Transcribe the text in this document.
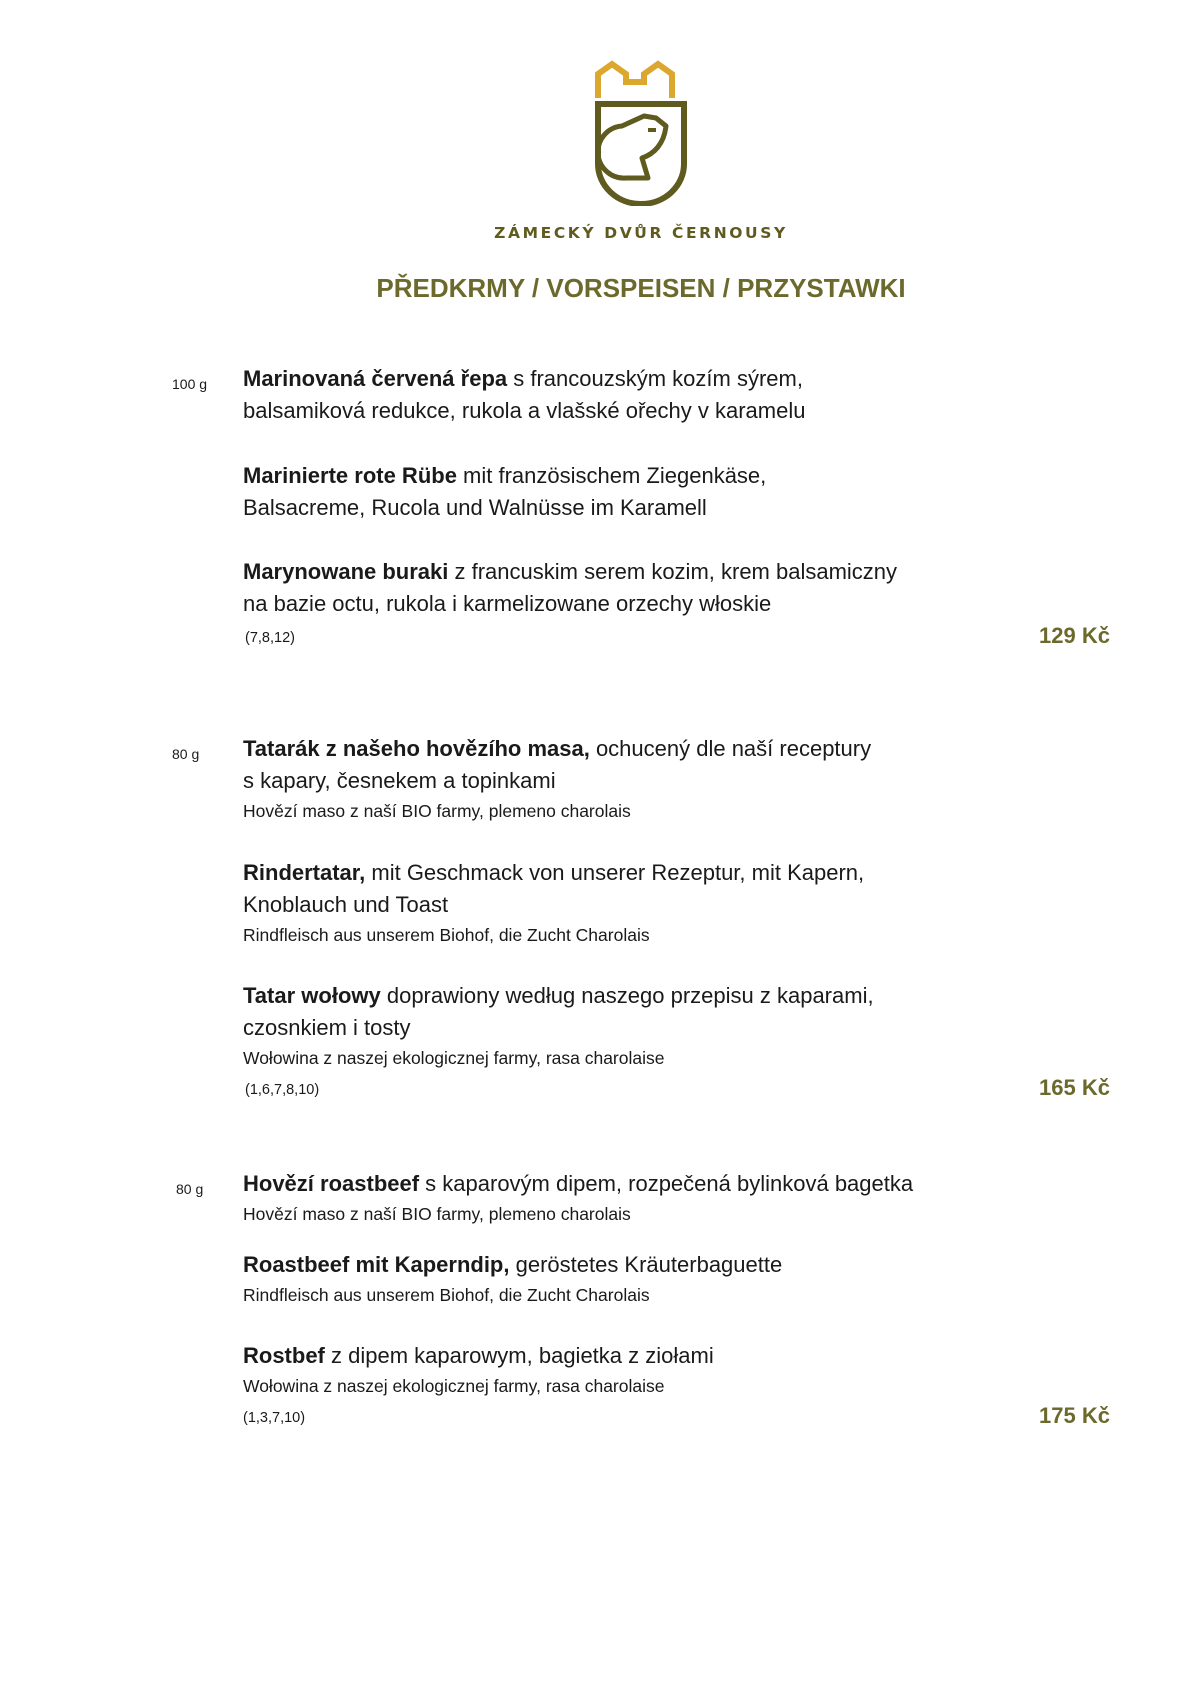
ZÁMECKÝ DVŮR ČERNOUSY
PŘEDKRMY / VORSPEISEN / PRZYSTAWKI
100 g Marinovaná červená řepa s francouzským kozím sýrem,
balsamiková redukce, rukola a vlašské ořechy v karamelu
Marinierte rote Rübe mit französischem Ziegenkäse,
Balsacreme, Rucola und Walnüsse im Karamell
Marynowane buraki z francuskim serem kozim, krem balsamiczny
na bazie octu, rukola i karmelizowane orzechy włoskie
(7,8,12)	129 Kč
80 g Tatarák z našeho hovězího masa, ochucený dle naší receptury
s kapary, česnekem a topinkami
Hovězí maso z naší BIO farmy, plemeno charolais
Rindertatar, mit Geschmack von unserer Rezeptur, mit Kapern,
Knoblauch und Toast
Rindfleisch aus unserem Biohof, die Zucht Charolais
Tatar wołowy doprawiony według naszego przepisu z kaparami,
czosnkiem i tosty
Wołowina z naszej ekologicznej farmy, rasa charolaise
(1,6,7,8,10)	165 Kč
80 g Hovězí roastbeef s kaparovým dipem, rozpečená bylinková bagetka
Hovězí maso z naší BIO farmy, plemeno charolais
Roastbeef mit Kaperndip, geröstetes Kräuterbaguette
Rindfleisch aus unserem Biohof, die Zucht Charolais
Rostbef z dipem kaparowym, bagietka z ziołami
Wołowina z naszej ekologicznej farmy, rasa charolaise
(1,3,7,10)	175 Kč
